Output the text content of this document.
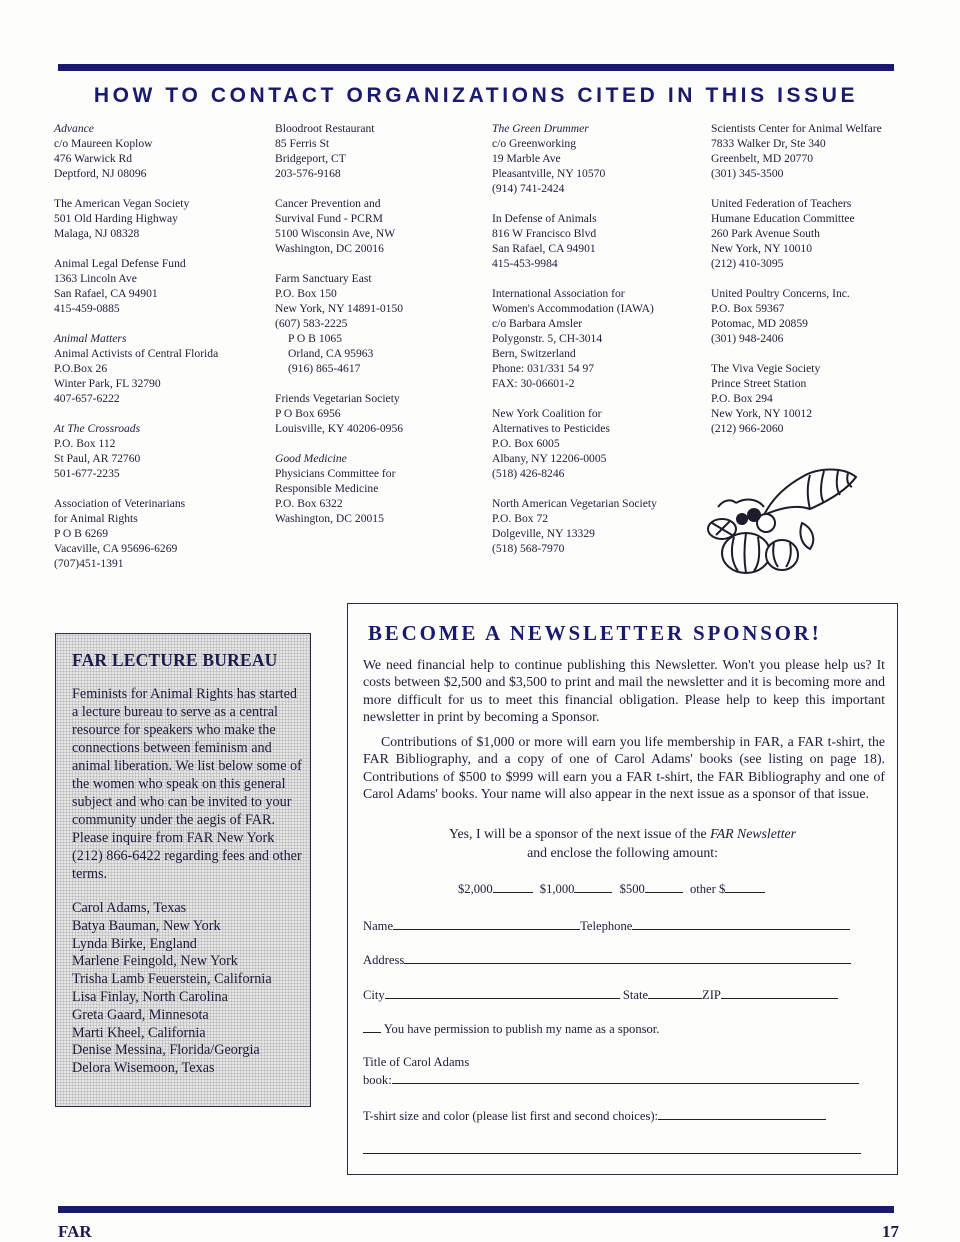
HOW TO CONTACT ORGANIZATIONS CITED IN THIS ISSUE
Advance
c/o Maureen Koplow
476 Warwick Rd
Deptford, NJ 08096
The American Vegan Society
501 Old Harding Highway
Malaga, NJ 08328
Animal Legal Defense Fund
1363 Lincoln Ave
San Rafael, CA 94901
415-459-0885
Animal Matters
Animal Activists of Central Florida
P.O.Box 26
Winter Park, FL 32790
407-657-6222
At The Crossroads
P.O. Box 112
St Paul, AR 72760
501-677-2235
Association of Veterinarians
for Animal Rights
P O B 6269
Vacaville, CA 95696-6269
(707)451-1391
Bloodroot Restaurant
85 Ferris St
Bridgeport, CT
203-576-9168
Cancer Prevention and
Survival Fund - PCRM
5100 Wisconsin Ave, NW
Washington, DC 20016
Farm Sanctuary East
P.O. Box 150
New York, NY 14891-0150
(607) 583-2225
P O B 1065
Orland, CA 95963
(916) 865-4617
Friends Vegetarian Society
P O Box 6956
Louisville, KY 40206-0956
Good Medicine
Physicians Committee for
Responsible Medicine
P.O. Box 6322
Washington, DC 20015
The Green Drummer
c/o Greenworking
19 Marble Ave
Pleasantville, NY 10570
(914) 741-2424
In Defense of Animals
816 W Francisco Blvd
San Rafael, CA 94901
415-453-9984
International Association for
Women's Accommodation (IAWA)
c/o Barbara Amsler
Polygonstr. 5, CH-3014
Bern, Switzerland
Phone: 031/331 54 97
FAX: 30-06601-2
New York Coalition for
Alternatives to Pesticides
P.O. Box 6005
Albany, NY 12206-0005
(518) 426-8246
North American Vegetarian Society
P.O. Box 72
Dolgeville, NY 13329
(518) 568-7970
Scientists Center for Animal Welfare
7833 Walker Dr, Ste 340
Greenbelt, MD 20770
(301) 345-3500
United Federation of Teachers
Humane Education Committee
260 Park Avenue South
New York, NY 10010
(212) 410-3095
United Poultry Concerns, Inc.
P.O. Box 59367
Potomac, MD 20859
(301) 948-2406
The Viva Vegie Society
Prince Street Station
P.O. Box 294
New York, NY 10012
(212) 966-2060
FAR LECTURE BUREAU

Feminists for Animal Rights has started a lecture bureau to serve as a central resource for speakers who make the connections between feminism and animal liberation. We list below some of the women who speak on this general subject and who can be invited to your community under the aegis of FAR. Please inquire from FAR New York (212) 866-6422 regarding fees and other terms.

Carol Adams, Texas
Batya Bauman, New York
Lynda Birke, England
Marlene Feingold, New York
Trisha Lamb Feuerstein, California
Lisa Finlay, North Carolina
Greta Gaard, Minnesota
Marti Kheel, California
Denise Messina, Florida/Georgia
Delora Wisemoon, Texas
BECOME A NEWSLETTER SPONSOR!

We need financial help to continue publishing this Newsletter. Won't you please help us? It costs between $2,500 and $3,500 to print and mail the newsletter and it is becoming more and more difficult for us to meet this financial obligation. Please help to keep this important newsletter in print by becoming a Sponsor.

Contributions of $1,000 or more will earn you life membership in FAR, a FAR t-shirt, the FAR Bibliography, and a copy of one of Carol Adams' books (see listing on page 18). Contributions of $500 to $999 will earn you a FAR t-shirt, the FAR Bibliography and one of Carol Adams' books. Your name will also appear in the next issue as a sponsor of that issue.

Yes, I will be a sponsor of the next issue of the FAR Newsletter

and enclose the following amount:

$2,000	$1,000	$500	other $
Name	Telephone
Address
City	State	ZIP
You have permission to publish my name as a sponsor.
Title of Carol Adams
book:
T-shirt size and color (please list first and second choices):
FAR	17
